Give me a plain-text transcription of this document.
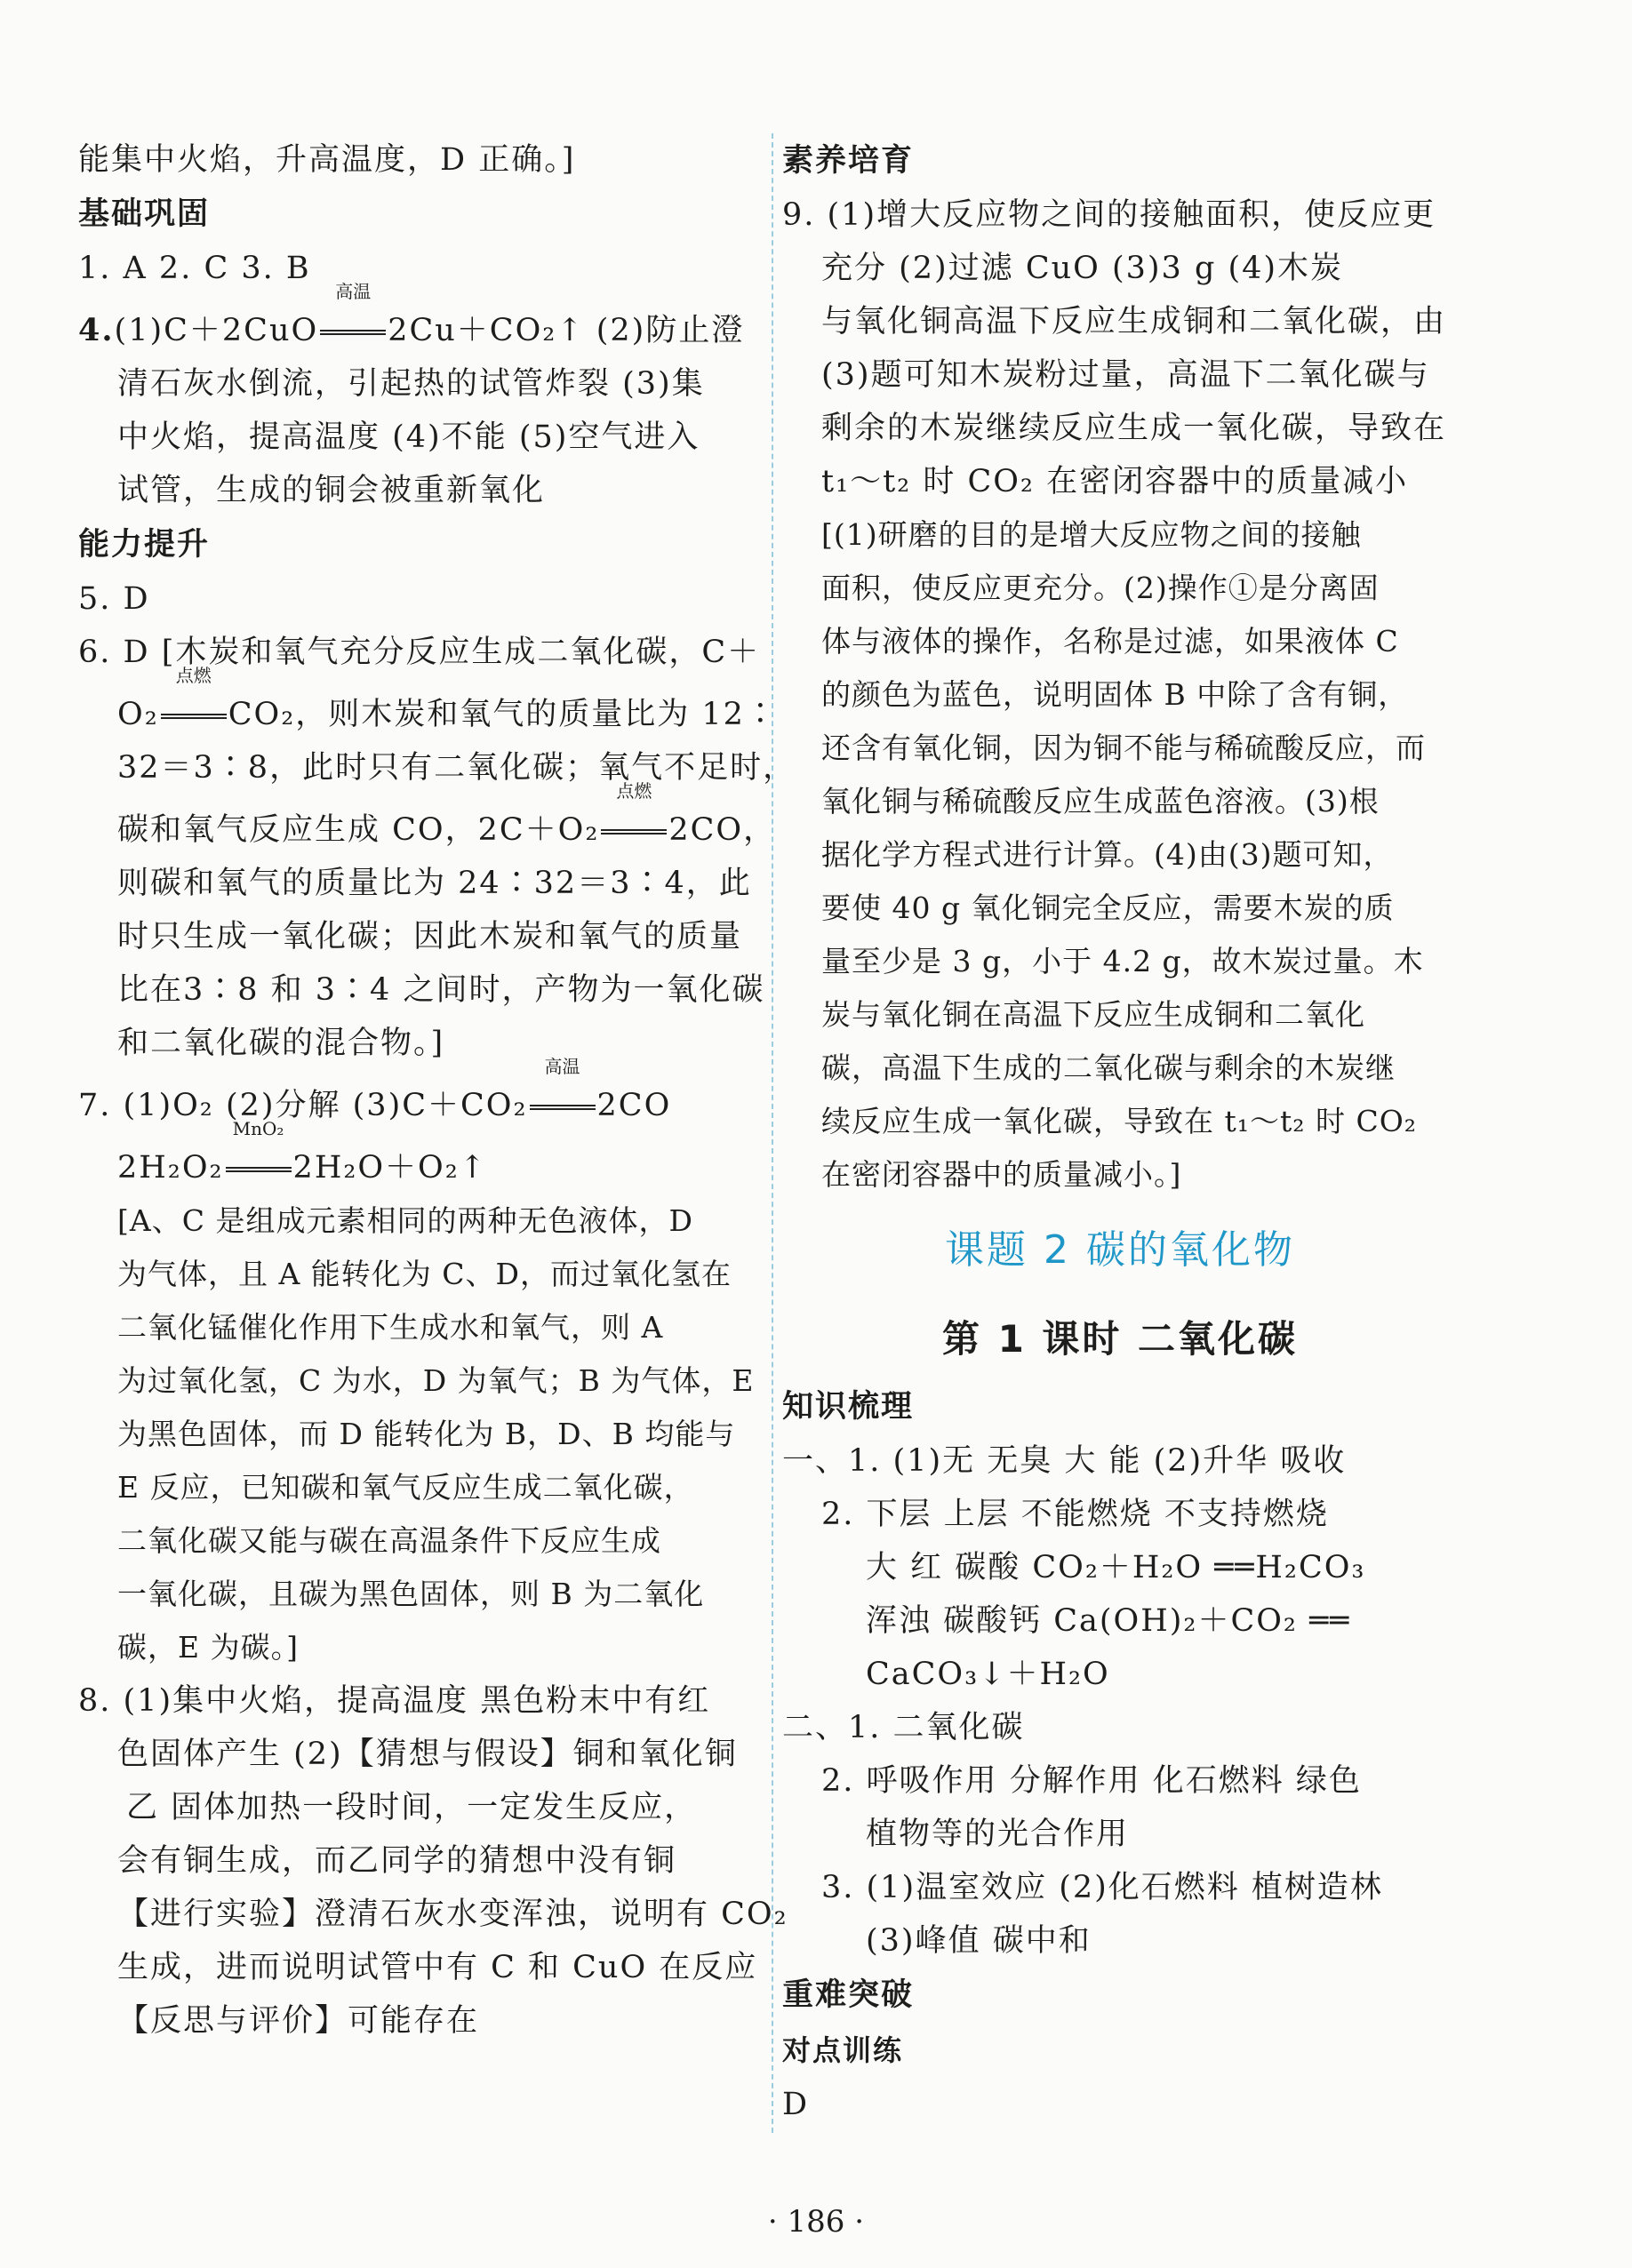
能集中火焰，升高温度，D 正确。]
基础巩固
1. A 2. C 3. B
4.(1)C＋2CuO
高温
2Cu＋CO₂↑ (2)防止澄
清石灰水倒流，引起热的试管炸裂 (3)集
中火焰，提高温度 (4)不能 (5)空气进入
试管，生成的铜会被重新氧化
能力提升
5. D
6. D [木炭和氧气充分反应生成二氧化碳，C＋
O₂
点燃
CO₂，则木炭和氧气的质量比为 12∶
32＝3∶8，此时只有二氧化碳；氧气不足时，
碳和氧气反应生成 CO，2C＋O₂
点燃
2CO，
则碳和氧气的质量比为 24∶32＝3∶4，此
时只生成一氧化碳；因此木炭和氧气的质量
比在3∶8 和 3∶4 之间时，产物为一氧化碳
和二氧化碳的混合物。]
7. (1)O₂ (2)分解 (3)C＋CO₂
高温
2CO
2H₂O₂
MnO₂
2H₂O＋O₂↑
[A、C 是组成元素相同的两种无色液体，D
为气体，且 A 能转化为 C、D，而过氧化氢在
二氧化锰催化作用下生成水和氧气，则 A
为过氧化氢，C 为水，D 为氧气；B 为气体，E
为黑色固体，而 D 能转化为 B，D、B 均能与
E 反应，已知碳和氧气反应生成二氧化碳，
二氧化碳又能与碳在高温条件下反应生成
一氧化碳，且碳为黑色固体，则 B 为二氧化
碳，E 为碳。]
8. (1)集中火焰，提高温度 黑色粉末中有红
色固体产生 (2)【猜想与假设】铜和氧化铜
乙 固体加热一段时间，一定发生反应，
会有铜生成，而乙同学的猜想中没有铜
【进行实验】澄清石灰水变浑浊，说明有 CO₂
生成，进而说明试管中有 C 和 CuO 在反应
【反思与评价】可能存在
素养培育
9. (1)增大反应物之间的接触面积，使反应更
充分 (2)过滤 CuO (3)3 g (4)木炭
与氧化铜高温下反应生成铜和二氧化碳，由
(3)题可知木炭粉过量，高温下二氧化碳与
剩余的木炭继续反应生成一氧化碳，导致在
t₁～t₂ 时 CO₂ 在密闭容器中的质量减小
[(1)研磨的目的是增大反应物之间的接触
面积，使反应更充分。(2)操作①是分离固
体与液体的操作，名称是过滤，如果液体 C
的颜色为蓝色，说明固体 B 中除了含有铜，
还含有氧化铜，因为铜不能与稀硫酸反应，而
氧化铜与稀硫酸反应生成蓝色溶液。(3)根
据化学方程式进行计算。(4)由(3)题可知，
要使 40 g 氧化铜完全反应，需要木炭的质
量至少是 3 g，小于 4.2 g，故木炭过量。木
炭与氧化铜在高温下反应生成铜和二氧化
碳，高温下生成的二氧化碳与剩余的木炭继
续反应生成一氧化碳，导致在 t₁～t₂ 时 CO₂
在密闭容器中的质量减小。]
课题 2 碳的氧化物
第 1 课时 二氧化碳
知识梳理
一、1. (1)无 无臭 大 能 (2)升华 吸收
2. 下层 上层 不能燃烧 不支持燃烧
大 红 碳酸 CO₂＋H₂O ══H₂CO₃
浑浊 碳酸钙 Ca(OH)₂＋CO₂ ══
CaCO₃↓＋H₂O
二、1. 二氧化碳
2. 呼吸作用 分解作用 化石燃料 绿色
植物等的光合作用
3. (1)温室效应 (2)化石燃料 植树造林
(3)峰值 碳中和
重难突破
对点训练
D
· 186 ·
